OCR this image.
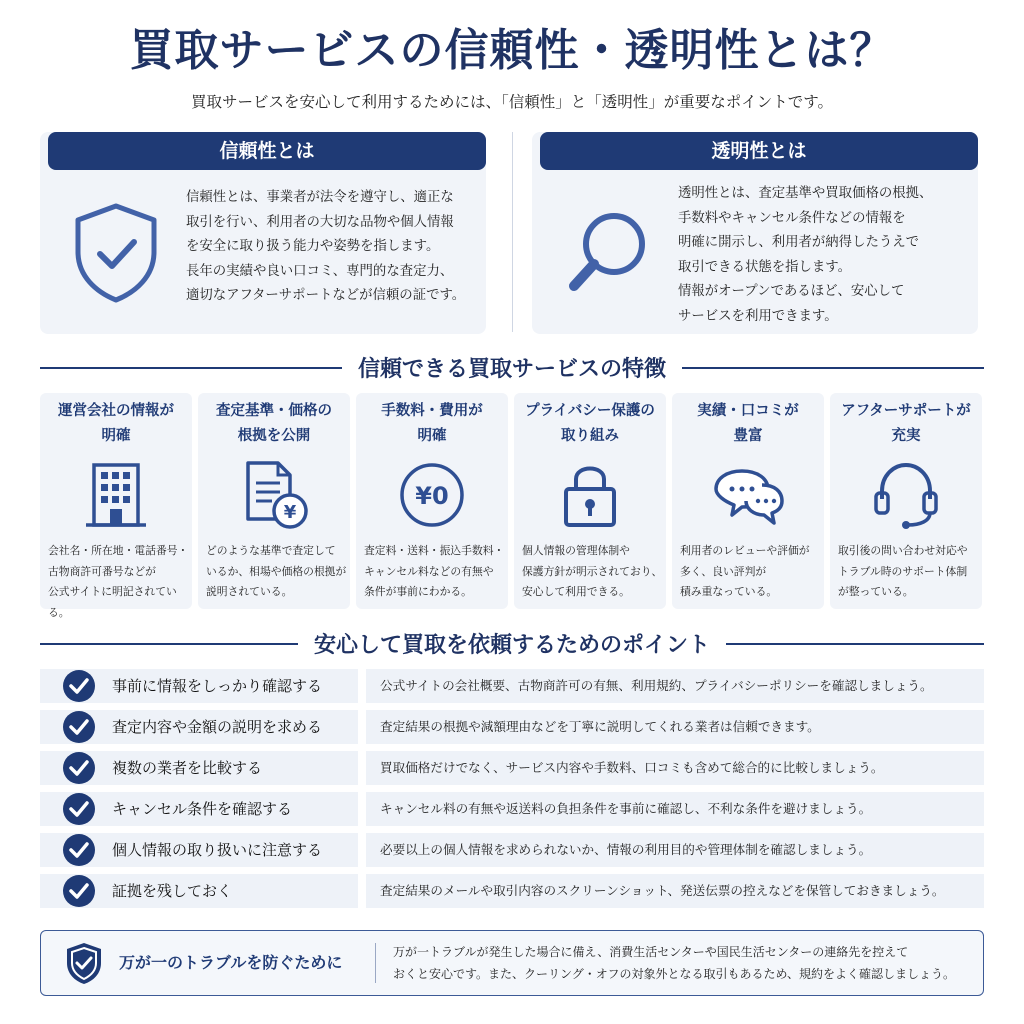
買取サービスの信頼性・透明性とは？
買取サービスを安心して利用するためには、「信頼性」と「透明性」が重要なポイントです。
信頼性とは
信頼性とは、事業者が法令を遵守し、適正な
取引を行い、利用者の大切な品物や個人情報
を安全に取り扱う能力や姿勢を指します。
長年の実績や良い口コミ、専門的な査定力、
適切なアフターサポートなどが信頼の証です。
透明性とは
透明性とは、査定基準や買取価格の根拠、
手数料やキャンセル条件などの情報を
明確に開示し、利用者が納得したうえで
取引できる状態を指します。
情報がオープンであるほど、安心して
サービスを利用できます。
信頼できる買取サービスの特徴
運営会社の情報が
明確
会社名・所在地・電話番号・
古物商許可番号などが
公式サイトに明記されている。
査定基準・価格の
根拠を公開
¥
どのような基準で査定して
いるか、相場や価格の根拠が
説明されている。
手数料・費用が
明確
¥0
査定料・送料・振込手数料・
キャンセル料などの有無や
条件が事前にわかる。
プライバシー保護の
取り組み
個人情報の管理体制や
保護方針が明示されており、
安心して利用できる。
実績・口コミが
豊富
利用者のレビューや評価が
多く、良い評判が
積み重なっている。
アフターサポートが
充実
取引後の問い合わせ対応や
トラブル時のサポート体制
が整っている。
安心して買取を依頼するためのポイント
事前に情報をしっかり確認する	公式サイトの会社概要、古物商許可の有無、利用規約、プライバシーポリシーを確認しましょう。
査定内容や金額の説明を求める	査定結果の根拠や減額理由などを丁寧に説明してくれる業者は信頼できます。
複数の業者を比較する	買取価格だけでなく、サービス内容や手数料、口コミも含めて総合的に比較しましょう。
キャンセル条件を確認する	キャンセル料の有無や返送料の負担条件を事前に確認し、不利な条件を避けましょう。
個人情報の取り扱いに注意する	必要以上の個人情報を求められないか、情報の利用目的や管理体制を確認しましょう。
証拠を残しておく	査定結果のメールや取引内容のスクリーンショット、発送伝票の控えなどを保管しておきましょう。
万が一のトラブルを防ぐために
万が一トラブルが発生した場合に備え、消費生活センターや国民生活センターの連絡先を控えて
おくと安心です。また、クーリング・オフの対象外となる取引もあるため、規約をよく確認しましょう。
